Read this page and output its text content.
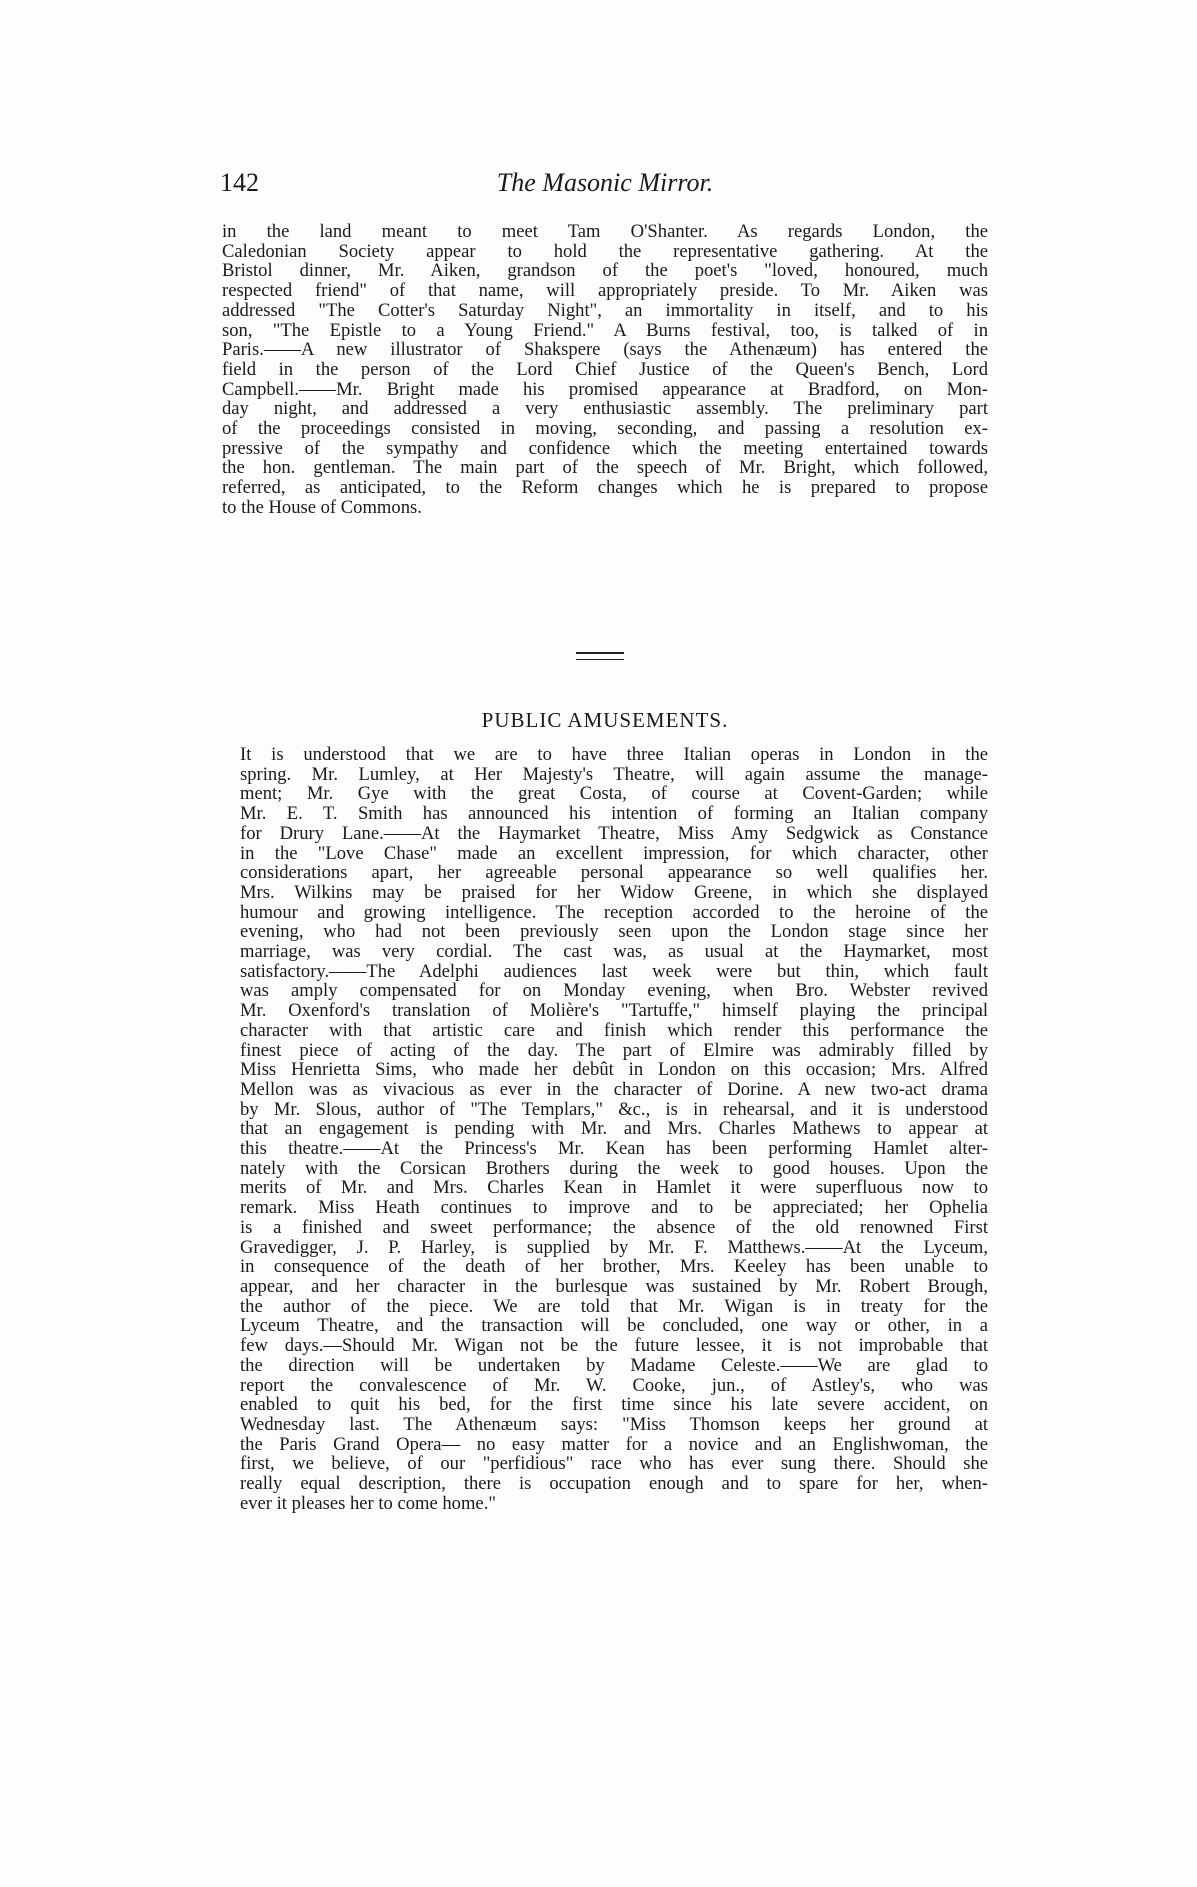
142	The Masonic Mirror.
in the land meant to meet Tam O'Shanter. As regards London, the
Caledonian Society appear to hold the representative gathering. At the
Bristol dinner, Mr. Aiken, grandson of the poet's "loved, honoured, much
respected friend" of that name, will appropriately preside. To Mr. Aiken was
addressed "The Cotter's Saturday Night", an immortality in itself, and to his
son, "The Epistle to a Young Friend." A Burns festival, too, is talked of in
Paris.——A new illustrator of Shakspere (says the Athenæum) has entered the
field in the person of the Lord Chief Justice of the Queen's Bench, Lord
Campbell.——Mr. Bright made his promised appearance at Bradford, on Mon-
day night, and addressed a very enthusiastic assembly. The preliminary part
of the proceedings consisted in moving, seconding, and passing a resolution ex-
pressive of the sympathy and confidence which the meeting entertained towards
the hon. gentleman. The main part of the speech of Mr. Bright, which followed,
referred, as anticipated, to the Reform changes which he is prepared to propose
to the House of Commons.
PUBLIC AMUSEMENTS.
It is understood that we are to have three Italian operas in London in the
spring. Mr. Lumley, at Her Majesty's Theatre, will again assume the manage-
ment; Mr. Gye with the great Costa, of course at Covent-Garden; while
Mr. E. T. Smith has announced his intention of forming an Italian company
for Drury Lane.——At the Haymarket Theatre, Miss Amy Sedgwick as Constance
in the "Love Chase" made an excellent impression, for which character, other
considerations apart, her agreeable personal appearance so well qualifies her.
Mrs. Wilkins may be praised for her Widow Greene, in which she displayed
humour and growing intelligence. The reception accorded to the heroine of the
evening, who had not been previously seen upon the London stage since her
marriage, was very cordial. The cast was, as usual at the Haymarket, most
satisfactory.——The Adelphi audiences last week were but thin, which fault
was amply compensated for on Monday evening, when Bro. Webster revived
Mr. Oxenford's translation of Molière's "Tartuffe," himself playing the principal
character with that artistic care and finish which render this performance the
finest piece of acting of the day. The part of Elmire was admirably filled by
Miss Henrietta Sims, who made her debût in London on this occasion; Mrs. Alfred
Mellon was as vivacious as ever in the character of Dorine. A new two-act drama
by Mr. Slous, author of "The Templars," &c., is in rehearsal, and it is understood
that an engagement is pending with Mr. and Mrs. Charles Mathews to appear at
this theatre.——At the Princess's Mr. Kean has been performing Hamlet alter-
nately with the Corsican Brothers during the week to good houses. Upon the
merits of Mr. and Mrs. Charles Kean in Hamlet it were superfluous now to
remark. Miss Heath continues to improve and to be appreciated; her Ophelia
is a finished and sweet performance; the absence of the old renowned First
Gravedigger, J. P. Harley, is supplied by Mr. F. Matthews.——At the Lyceum,
in consequence of the death of her brother, Mrs. Keeley has been unable to
appear, and her character in the burlesque was sustained by Mr. Robert Brough,
the author of the piece. We are told that Mr. Wigan is in treaty for the
Lyceum Theatre, and the transaction will be concluded, one way or other, in a
few days.—Should Mr. Wigan not be the future lessee, it is not improbable that
the direction will be undertaken by Madame Celeste.——We are glad to
report the convalescence of Mr. W. Cooke, jun., of Astley's, who was
enabled to quit his bed, for the first time since his late severe accident, on
Wednesday last. The Athenæum says: "Miss Thomson keeps her ground at
the Paris Grand Opera— no easy matter for a novice and an Englishwoman, the
first, we believe, of our "perfidious" race who has ever sung there. Should she
really equal description, there is occupation enough and to spare for her, when-
ever it pleases her to come home."
